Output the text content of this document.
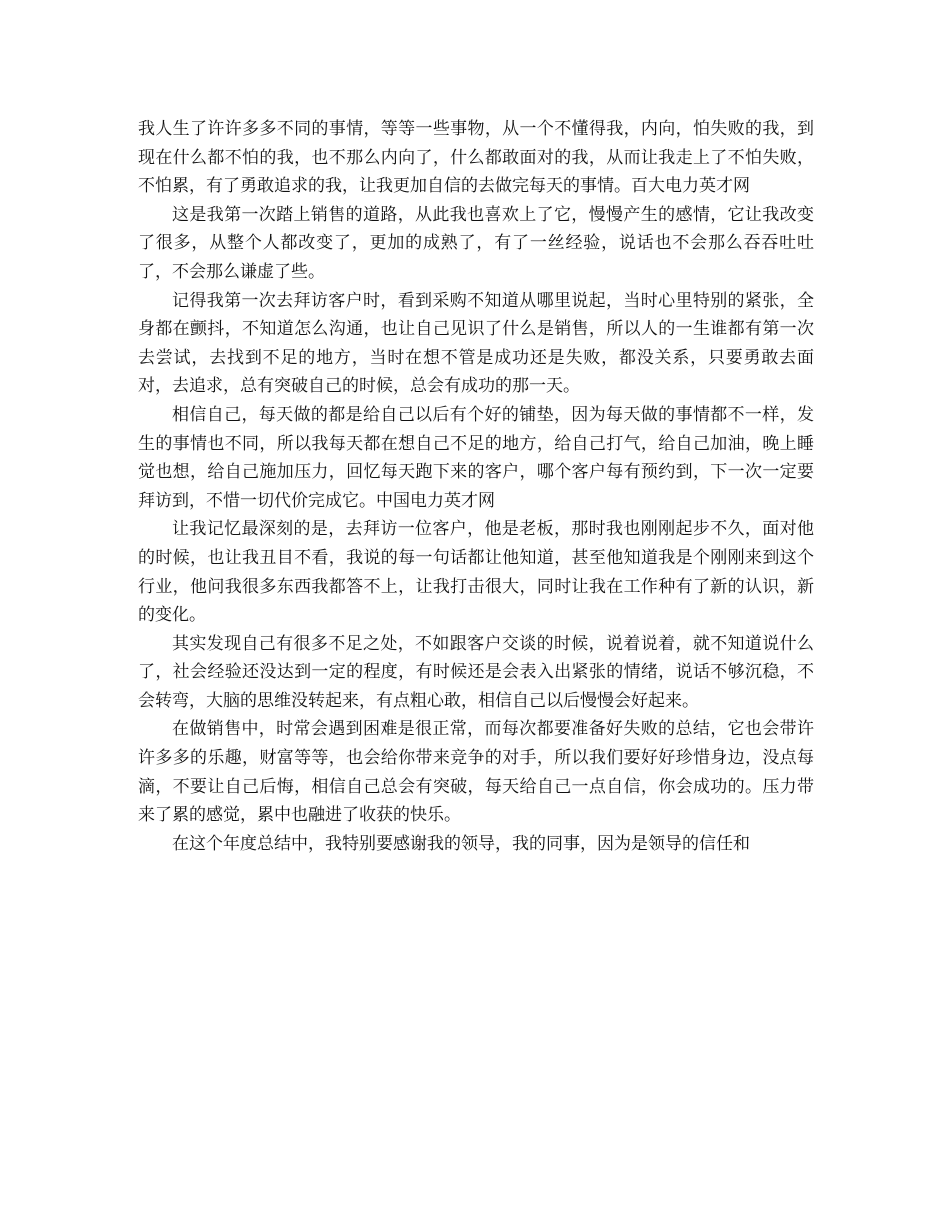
我人生了许许多多不同的事情，等等一些事物，从一个不懂得我，内向，怕失败的我，到现在什么都不怕的我，也不那么内向了，什么都敢面对的我，从而让我走上了不怕失败，不怕累，有了勇敢追求的我，让我更加自信的去做完每天的事情。百大电力英才网

这是我第一次踏上销售的道路，从此我也喜欢上了它，慢慢产生的感情，它让我改变了很多，从整个人都改变了，更加的成熟了，有了一丝经验，说话也不会那么吞吞吐吐了，不会那么谦虚了些。

记得我第一次去拜访客户时，看到采购不知道从哪里说起，当时心里特别的紧张，全身都在颤抖，不知道怎么沟通，也让自己见识了什么是销售，所以人的一生谁都有第一次去尝试，去找到不足的地方，当时在想不管是成功还是失败，都没关系，只要勇敢去面对，去追求，总有突破自己的时候，总会有成功的那一天。

相信自己，每天做的都是给自己以后有个好的铺垫，因为每天做的事情都不一样，发生的事情也不同，所以我每天都在想自己不足的地方，给自己打气，给自己加油，晚上睡觉也想，给自己施加压力，回忆每天跑下来的客户，哪个客户每有预约到，下一次一定要拜访到，不惜一切代价完成它。中国电力英才网

让我记忆最深刻的是，去拜访一位客户，他是老板，那时我也刚刚起步不久，面对他的时候，也让我丑目不看，我说的每一句话都让他知道，甚至他知道我是个刚刚来到这个行业，他问我很多东西我都答不上，让我打击很大，同时让我在工作种有了新的认识，新的变化。

其实发现自己有很多不足之处，不如跟客户交谈的时候，说着说着，就不知道说什么了，社会经验还没达到一定的程度，有时候还是会表入出紧张的情绪，说话不够沉稳，不会转弯，大脑的思维没转起来，有点粗心敢，相信自己以后慢慢会好起来。

在做销售中，时常会遇到困难是很正常，而每次都要准备好失败的总结，它也会带许许多多的乐趣，财富等等，也会给你带来竞争的对手，所以我们要好好珍惜身边，没点每滴，不要让自己后悔，相信自己总会有突破，每天给自己一点自信，你会成功的。压力带来了累的感觉，累中也融进了收获的快乐。

在这个年度总结中，我特别要感谢我的领导，我的同事，因为是领导的信任和
